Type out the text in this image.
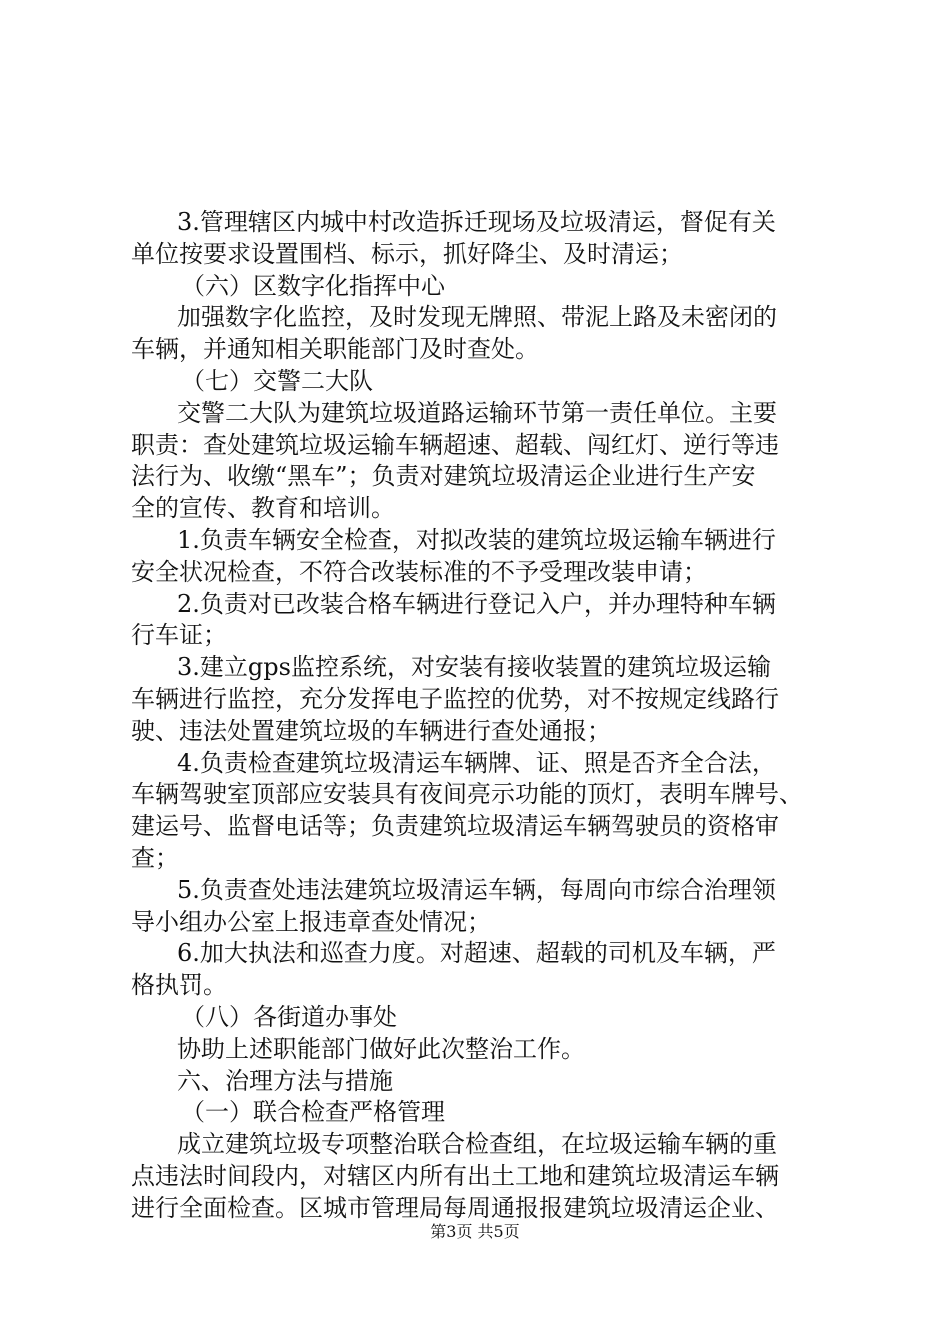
3.管理辖区内城中村改造拆迁现场及垃圾清运，督促有关
单位按要求设置围档、标示，抓好降尘、及时清运；
（六）区数字化指挥中心
加强数字化监控，及时发现无牌照、带泥上路及未密闭的
车辆，并通知相关职能部门及时查处。
（七）交警二大队
交警二大队为建筑垃圾道路运输环节第一责任单位。主要
职责：查处建筑垃圾运输车辆超速、超载、闯红灯、逆行等违
法行为、收缴“黑车”；负责对建筑垃圾清运企业进行生产安
全的宣传、教育和培训。
1.负责车辆安全检查，对拟改装的建筑垃圾运输车辆进行
安全状况检查，不符合改装标准的不予受理改装申请；
2.负责对已改装合格车辆进行登记入户，并办理特种车辆
行车证；
3.建立gps监控系统，对安装有接收装置的建筑垃圾运输
车辆进行监控，充分发挥电子监控的优势，对不按规定线路行
驶、违法处置建筑垃圾的车辆进行查处通报；
4.负责检查建筑垃圾清运车辆牌、证、照是否齐全合法，
车辆驾驶室顶部应安装具有夜间亮示功能的顶灯，表明车牌号、
建运号、监督电话等；负责建筑垃圾清运车辆驾驶员的资格审
查；
5.负责查处违法建筑垃圾清运车辆，每周向市综合治理领
导小组办公室上报违章查处情况；
6.加大执法和巡查力度。对超速、超载的司机及车辆，严
格执罚。
（八）各街道办事处
协助上述职能部门做好此次整治工作。
六、治理方法与措施
（一）联合检查严格管理
成立建筑垃圾专项整治联合检查组，在垃圾运输车辆的重
点违法时间段内，对辖区内所有出土工地和建筑垃圾清运车辆
进行全面检查。区城市管理局每周通报报建筑垃圾清运企业、
第3页 共5页
